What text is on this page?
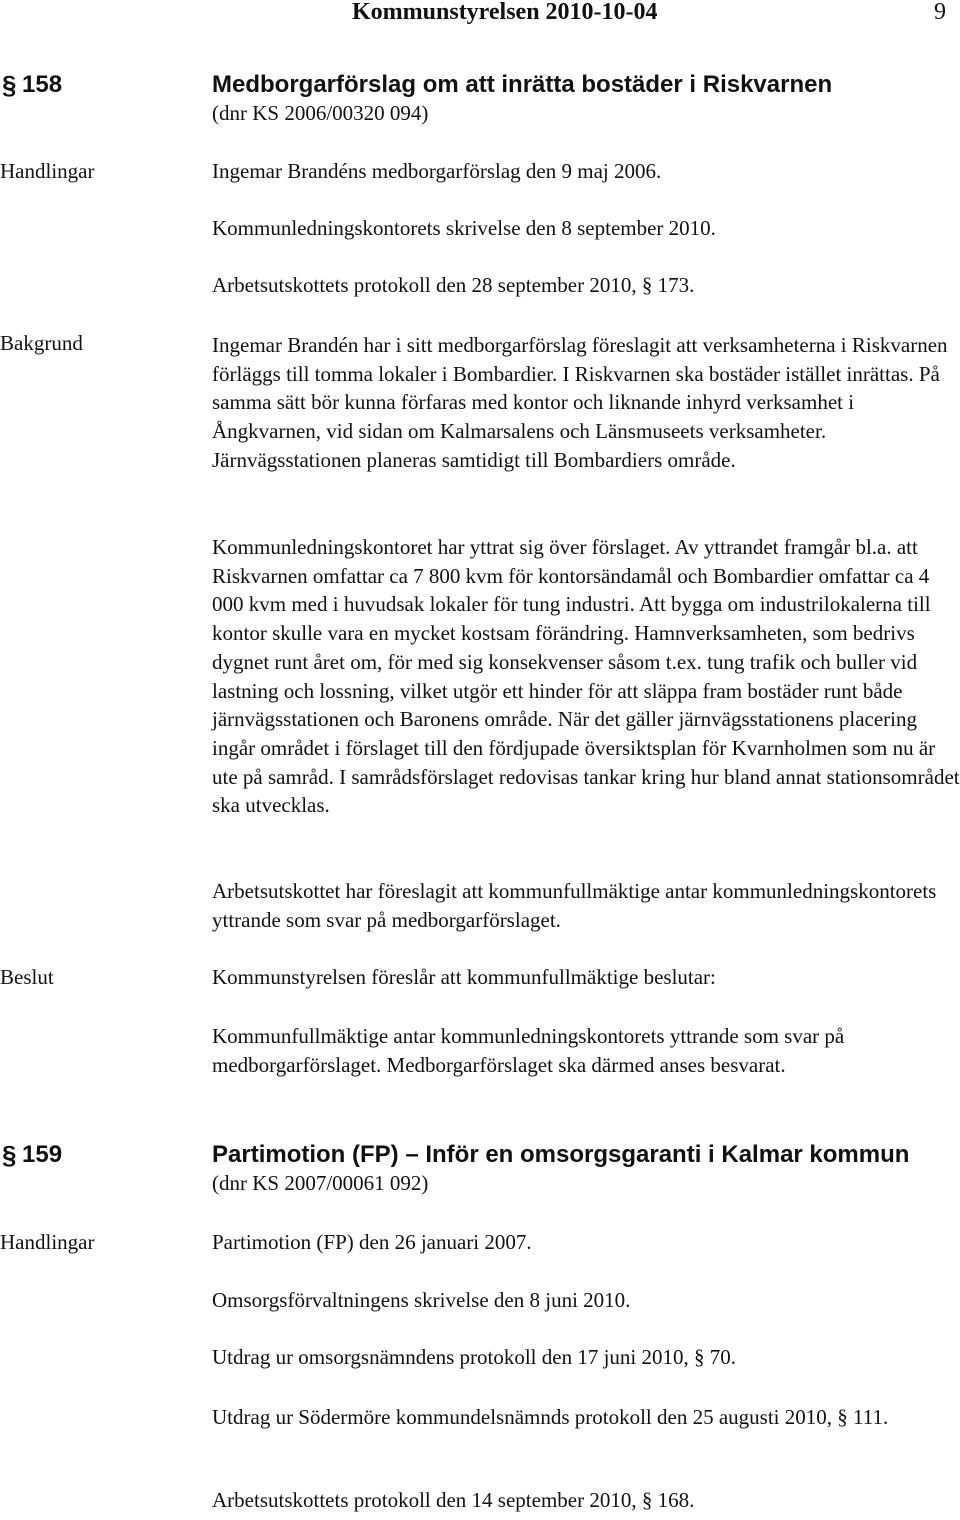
Kommunstyrelsen 2010-10-04	9
§ 158	Medborgarförslag om att inrätta bostäder i Riskvarnen
(dnr KS 2006/00320 094)
Handlingar	Ingemar Brandéns medborgarförslag den 9 maj 2006.
Kommunledningskontorets skrivelse den 8 september 2010.
Arbetsutskottets protokoll den 28 september 2010, § 173.
Bakgrund	Ingemar Brandén har i sitt medborgarförslag föreslagit att verksamheterna i Riskvarnen förläggs till tomma lokaler i Bombardier. I Riskvarnen ska bostäder istället inrättas. På samma sätt bör kunna förfaras med kontor och liknande inhyrd verksamhet i Ångkvarnen, vid sidan om Kalmarsalens och Länsmuseets verksamheter. Järnvägsstationen planeras samtidigt till Bombardiers område.
Kommunledningskontoret har yttrat sig över förslaget. Av yttrandet framgår bl.a. att Riskvarnen omfattar ca 7 800 kvm för kontorsändamål och Bombardier omfattar ca 4 000 kvm med i huvudsak lokaler för tung industri. Att bygga om industrilokalerna till kontor skulle vara en mycket kostsam förändring. Hamnverksamheten, som bedrivs dygnet runt året om, för med sig konsekvenser såsom t.ex. tung trafik och buller vid lastning och lossning, vilket utgör ett hinder för att släppa fram bostäder runt både järnvägsstationen och Baronens område. När det gäller järnvägsstationens placering ingår området i förslaget till den fördjupade översiktsplan för Kvarnholmen som nu är ute på samråd. I samrådsförslaget redovisas tankar kring hur bland annat stationsområdet ska utvecklas.
Arbetsutskottet har föreslagit att kommunfullmäktige antar kommunledningskontorets yttrande som svar på medborgarförslaget.
Beslut	Kommunstyrelsen föreslår att kommunfullmäktige beslutar:
Kommunfullmäktige antar kommunledningskontorets yttrande som svar på medborgarförslaget. Medborgarförslaget ska därmed anses besvarat.
§ 159	Partimotion (FP) – Inför en omsorgsgaranti i Kalmar kommun
(dnr KS 2007/00061 092)
Handlingar	Partimotion (FP) den 26 januari 2007.
Omsorgsförvaltningens skrivelse den 8 juni 2010.
Utdrag ur omsorgsnämndens protokoll den 17 juni 2010, § 70.
Utdrag ur Södermöre kommundelsnämnds protokoll den 25 augusti 2010, § 111.
Arbetsutskottets protokoll den 14 september 2010, § 168.
